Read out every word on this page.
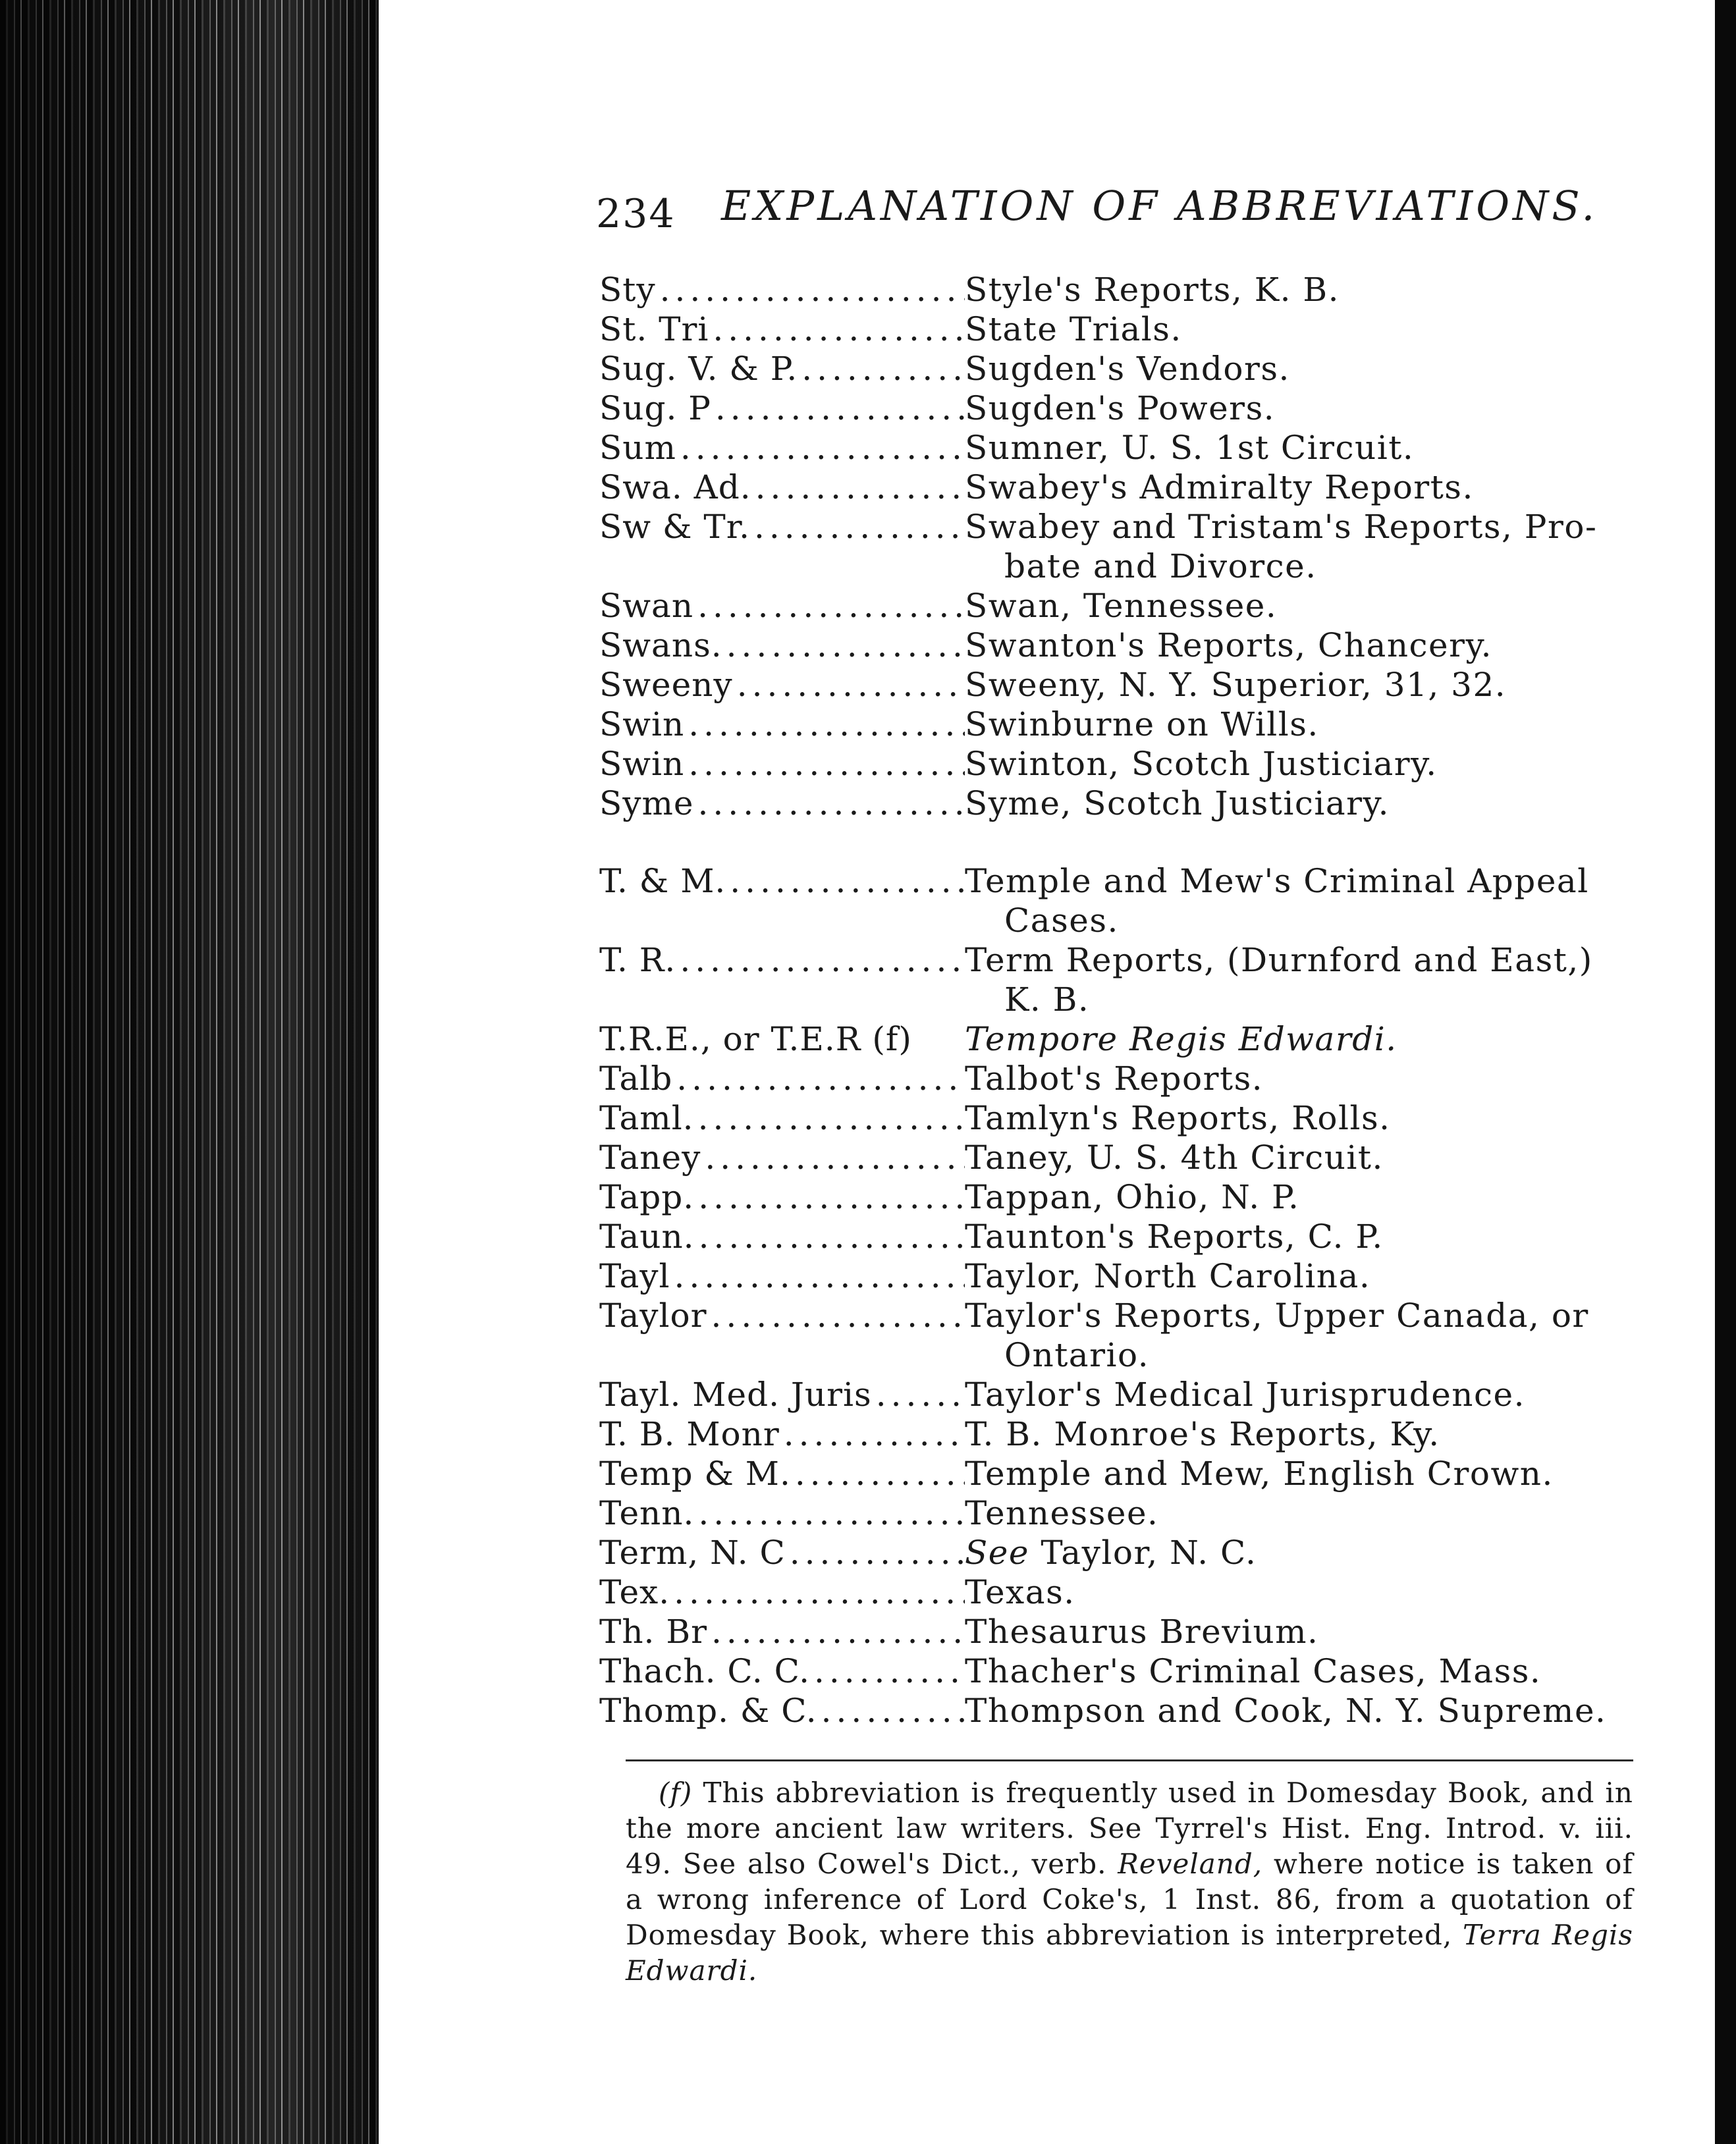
234 EXPLANATION OF ABBREVIATIONS.
Sty .....	Style's Reports, K. B.
St. Tri .....	State Trials.
Sug. V. & P. .....	Sugden's Vendors.
Sug. P .....	Sugden's Powers.
Sum .....	Sumner, U. S. 1st Circuit.
Swa. Ad. .....	Swabey's Admiralty Reports.
Sw & Tr. .....	Swabey and Tristam's Reports, Pro-
bate and Divorce.
Swan .....	Swan, Tennessee.
Swans. .....	Swanton's Reports, Chancery.
Sweeny .....	Sweeny, N. Y. Superior, 31, 32.
Swin .....	Swinburne on Wills.
Swin .....	Swinton, Scotch Justiciary.
Syme .....	Syme, Scotch Justiciary.
T. & M. .....	Temple and Mew's Criminal Appeal
Cases.
T. R. .....	Term Reports, (Durnford and East,)
K. B.
T.R.E., or T.E.R (f) Tempore Regis Edwardi.
Talb .....	Talbot's Reports.
Taml. .....	Tamlyn's Reports, Rolls.
Taney .....	Taney, U. S. 4th Circuit.
Tapp. .....	Tappan, Ohio, N. P.
Taun. .....	Taunton's Reports, C. P.
Tayl .....	Taylor, North Carolina.
Taylor .....	Taylor's Reports, Upper Canada, or
Ontario.
Tayl. Med. Juris .....	Taylor's Medical Jurisprudence.
T. B. Monr .....	T. B. Monroe's Reports, Ky.
Temp & M. .....	Temple and Mew, English Crown.
Tenn. .....	Tennessee.
Term, N. C .....	See Taylor, N. C.
Tex. .....	Texas.
Th. Br .....	Thesaurus Brevium.
Thach. C. C. .....	Thacher's Criminal Cases, Mass.
Thomp. & C. .....	Thompson and Cook, N. Y. Supreme.
(f) This abbreviation is frequently used in Domesday Book, and in the more ancient law writers. See Tyrrel's Hist. Eng. Introd. v. iii. 49. See also Cowel's Dict., verb. Reveland, where notice is taken of a wrong inference of Lord Coke's, 1 Inst. 86, from a quotation of Domesday Book, where this abbreviation is interpreted, Terra Regis Edwardi.
